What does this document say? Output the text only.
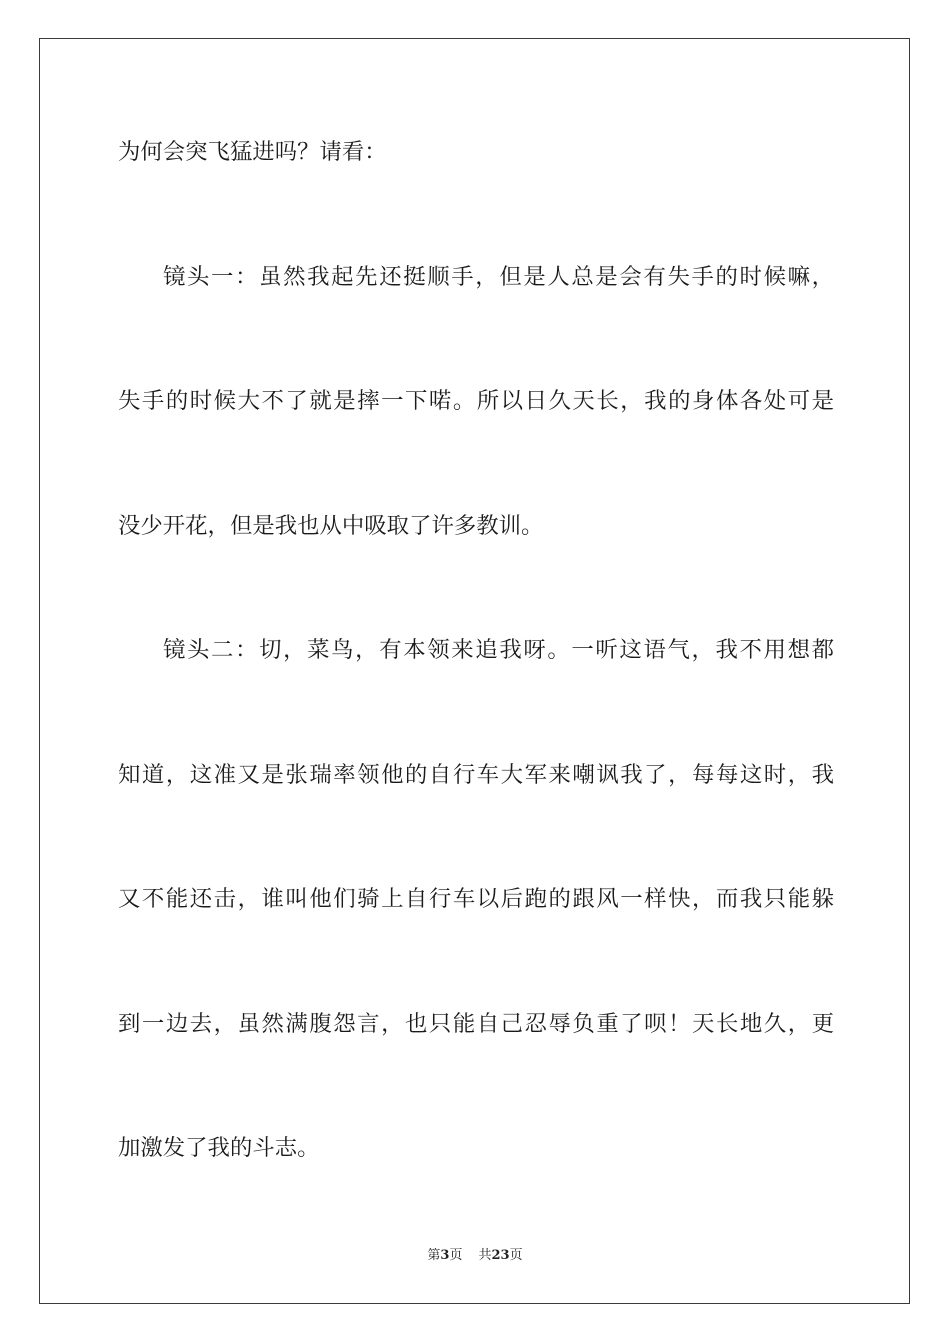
为何会突飞猛进吗？请看：
镜头一：虽然我起先还挺顺手，但是人总是会有失手的时候嘛，
失手的时候大不了就是摔一下喏。所以日久天长，我的身体各处可是
没少开花，但是我也从中吸取了许多教训。
镜头二：切，菜鸟，有本领来追我呀。一听这语气，我不用想都
知道，这准又是张瑞率领他的自行车大军来嘲讽我了，每每这时，我
又不能还击，谁叫他们骑上自行车以后跑的跟风一样快，而我只能躲
到一边去，虽然满腹怨言，也只能自己忍辱负重了呗！天长地久，更
加激发了我的斗志。
第3页 共23页
